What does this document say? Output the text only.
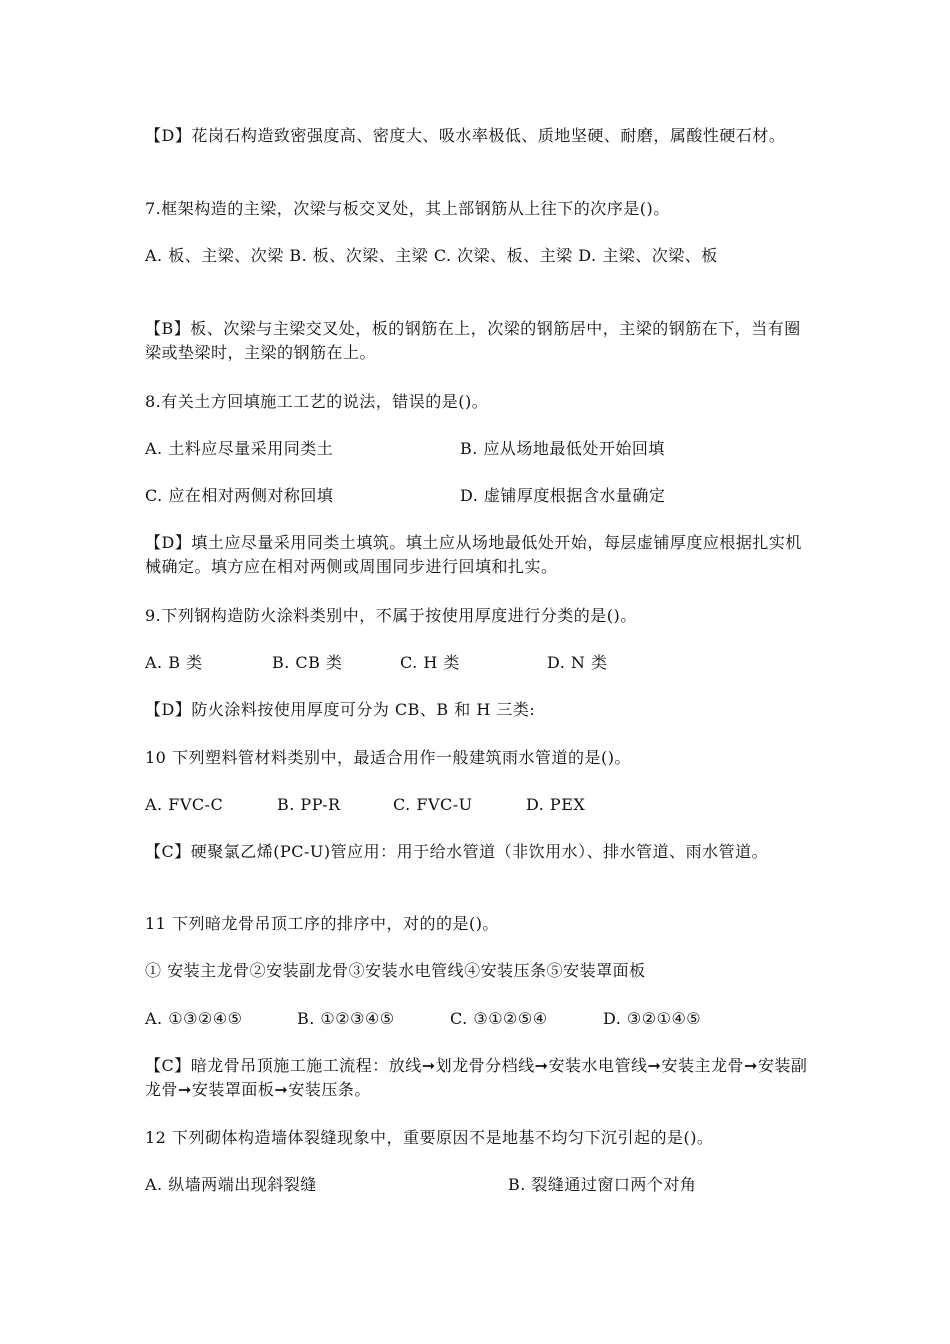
【D】花岗石构造致密强度高、密度大、吸水率极低、质地坚硬、耐磨，属酸性硬石材。
7.框架构造的主梁，次梁与板交叉处，其上部钢筋从上往下的次序是()。
A. 板、主梁、次梁 B. 板、次梁、主梁 C. 次梁、板、主梁 D. 主梁、次梁、板
【B】板、次梁与主梁交叉处，板的钢筋在上，次梁的钢筋居中，主梁的钢筋在下，当有圈梁或垫梁时，主梁的钢筋在上。
8.有关土方回填施工工艺的说法，错误的是()。
A. 土料应尽量采用同类土	B. 应从场地最低处开始回填
C. 应在相对两侧对称回填	D. 虚铺厚度根据含水量确定
【D】填土应尽量采用同类土填筑。填土应从场地最低处开始，每层虚铺厚度应根据扎实机械确定。填方应在相对两侧或周围同步进行回填和扎实。
9.下列钢构造防火涂料类别中，不属于按使用厚度进行分类的是()。
A. B 类	B. CB 类	C. H 类	D. N 类
【D】防火涂料按使用厚度可分为 CB、B 和 H 三类:
10 下列塑料管材料类别中，最适合用作一般建筑雨水管道的是()。
A. FVC-C	B. PP-R	C. FVC-U	D. PEX
【C】硬聚氯乙烯(PC-U)管应用：用于给水管道（非饮用水）、排水管道、雨水管道。
11 下列暗龙骨吊顶工序的排序中，对的的是()。
① 安装主龙骨②安装副龙骨③安装水电管线④安装压条⑤安装罩面板
A. ①③②④⑤	B. ①②③④⑤	C. ③①②⑤④	D. ③②①④⑤
【C】暗龙骨吊顶施工施工流程：放线➞划龙骨分档线➞安装水电管线➞安装主龙骨➞安装副龙骨➞安装罩面板➞安装压条。
12 下列砌体构造墙体裂缝现象中，重要原因不是地基不均匀下沉引起的是()。
A. 纵墙两端出现斜裂缝	B. 裂缝通过窗口两个对角
